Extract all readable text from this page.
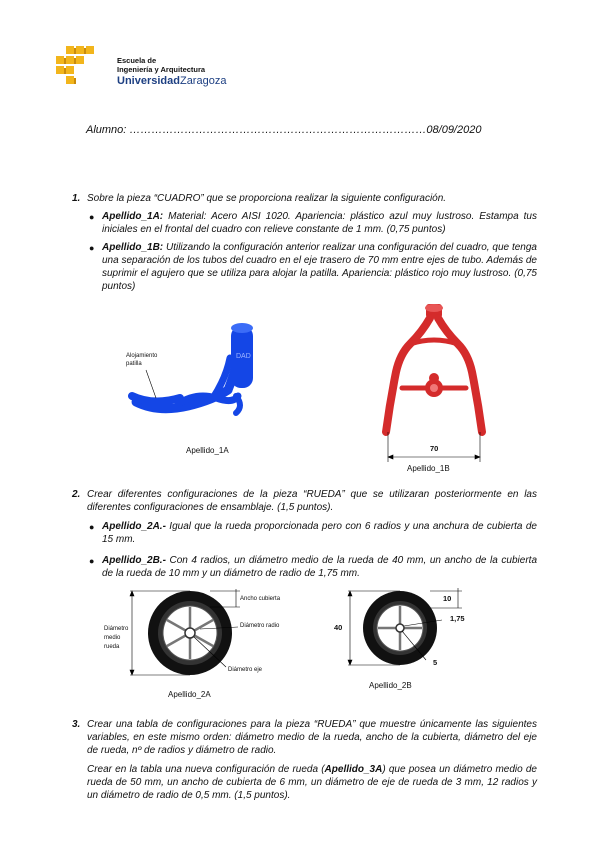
Escuela de
Ingeniería y Arquitectura
UniversidadZaragoza
Alumno: ………………………………………………………………………08/09/2020
1. Sobre la pieza “CUADRO” que se proporciona realizar la siguiente configuración.
● Apellido_1A: Material: Acero AISI 1020. Apariencia: plástico azul muy lustroso. Estampa tus iniciales en el frontal del cuadro con relieve constante de 1 mm. (0,75 puntos)
● Apellido_1B: Utilizando la configuración anterior realizar una configuración del cuadro, que tenga una separación de los tubos del cuadro en el eje trasero de 70 mm entre ejes de tubo. Además de suprimir el agujero que se utiliza para alojar la patilla. Apariencia: plástico rojo muy lustroso. (0,75 puntos)
DAD
Alojamiento
patilla
Apellido_1A	70
Apellido_1B
2. Crear diferentes configuraciones de la pieza “RUEDA” que se utilizaran posteriormente en las diferentes configuraciones de ensamblaje. (1,5 puntos).
● Apellido_2A.- Igual que la rueda proporcionada pero con 6 radios y una anchura de cubierta de 15 mm.
● Apellido_2B.- Con 4 radios, un diámetro medio de la rueda de 40 mm, un ancho de la cubierta de la rueda de 10 mm y un diámetro de radio de 1,75 mm.
Ancho cubierta
Diámetro
medio
rueda
Diámetro radio
Diámetro eje
Apellido_2A
10
40
1,75
5
Apellido_2B
3. Crear una tabla de configuraciones para la pieza “RUEDA” que muestre únicamente las siguientes variables, en este mismo orden: diámetro medio de la rueda, ancho de la cubierta, diámetro del eje de rueda, nº de radios y diámetro de radio.
Crear en la tabla una nueva configuración de rueda (Apellido_3A) que posea un diámetro medio de rueda de 50 mm, un ancho de cubierta de 6 mm, un diámetro de eje de rueda de 3 mm, 12 radios y un diámetro de radio de 0,5 mm. (1,5 puntos).
